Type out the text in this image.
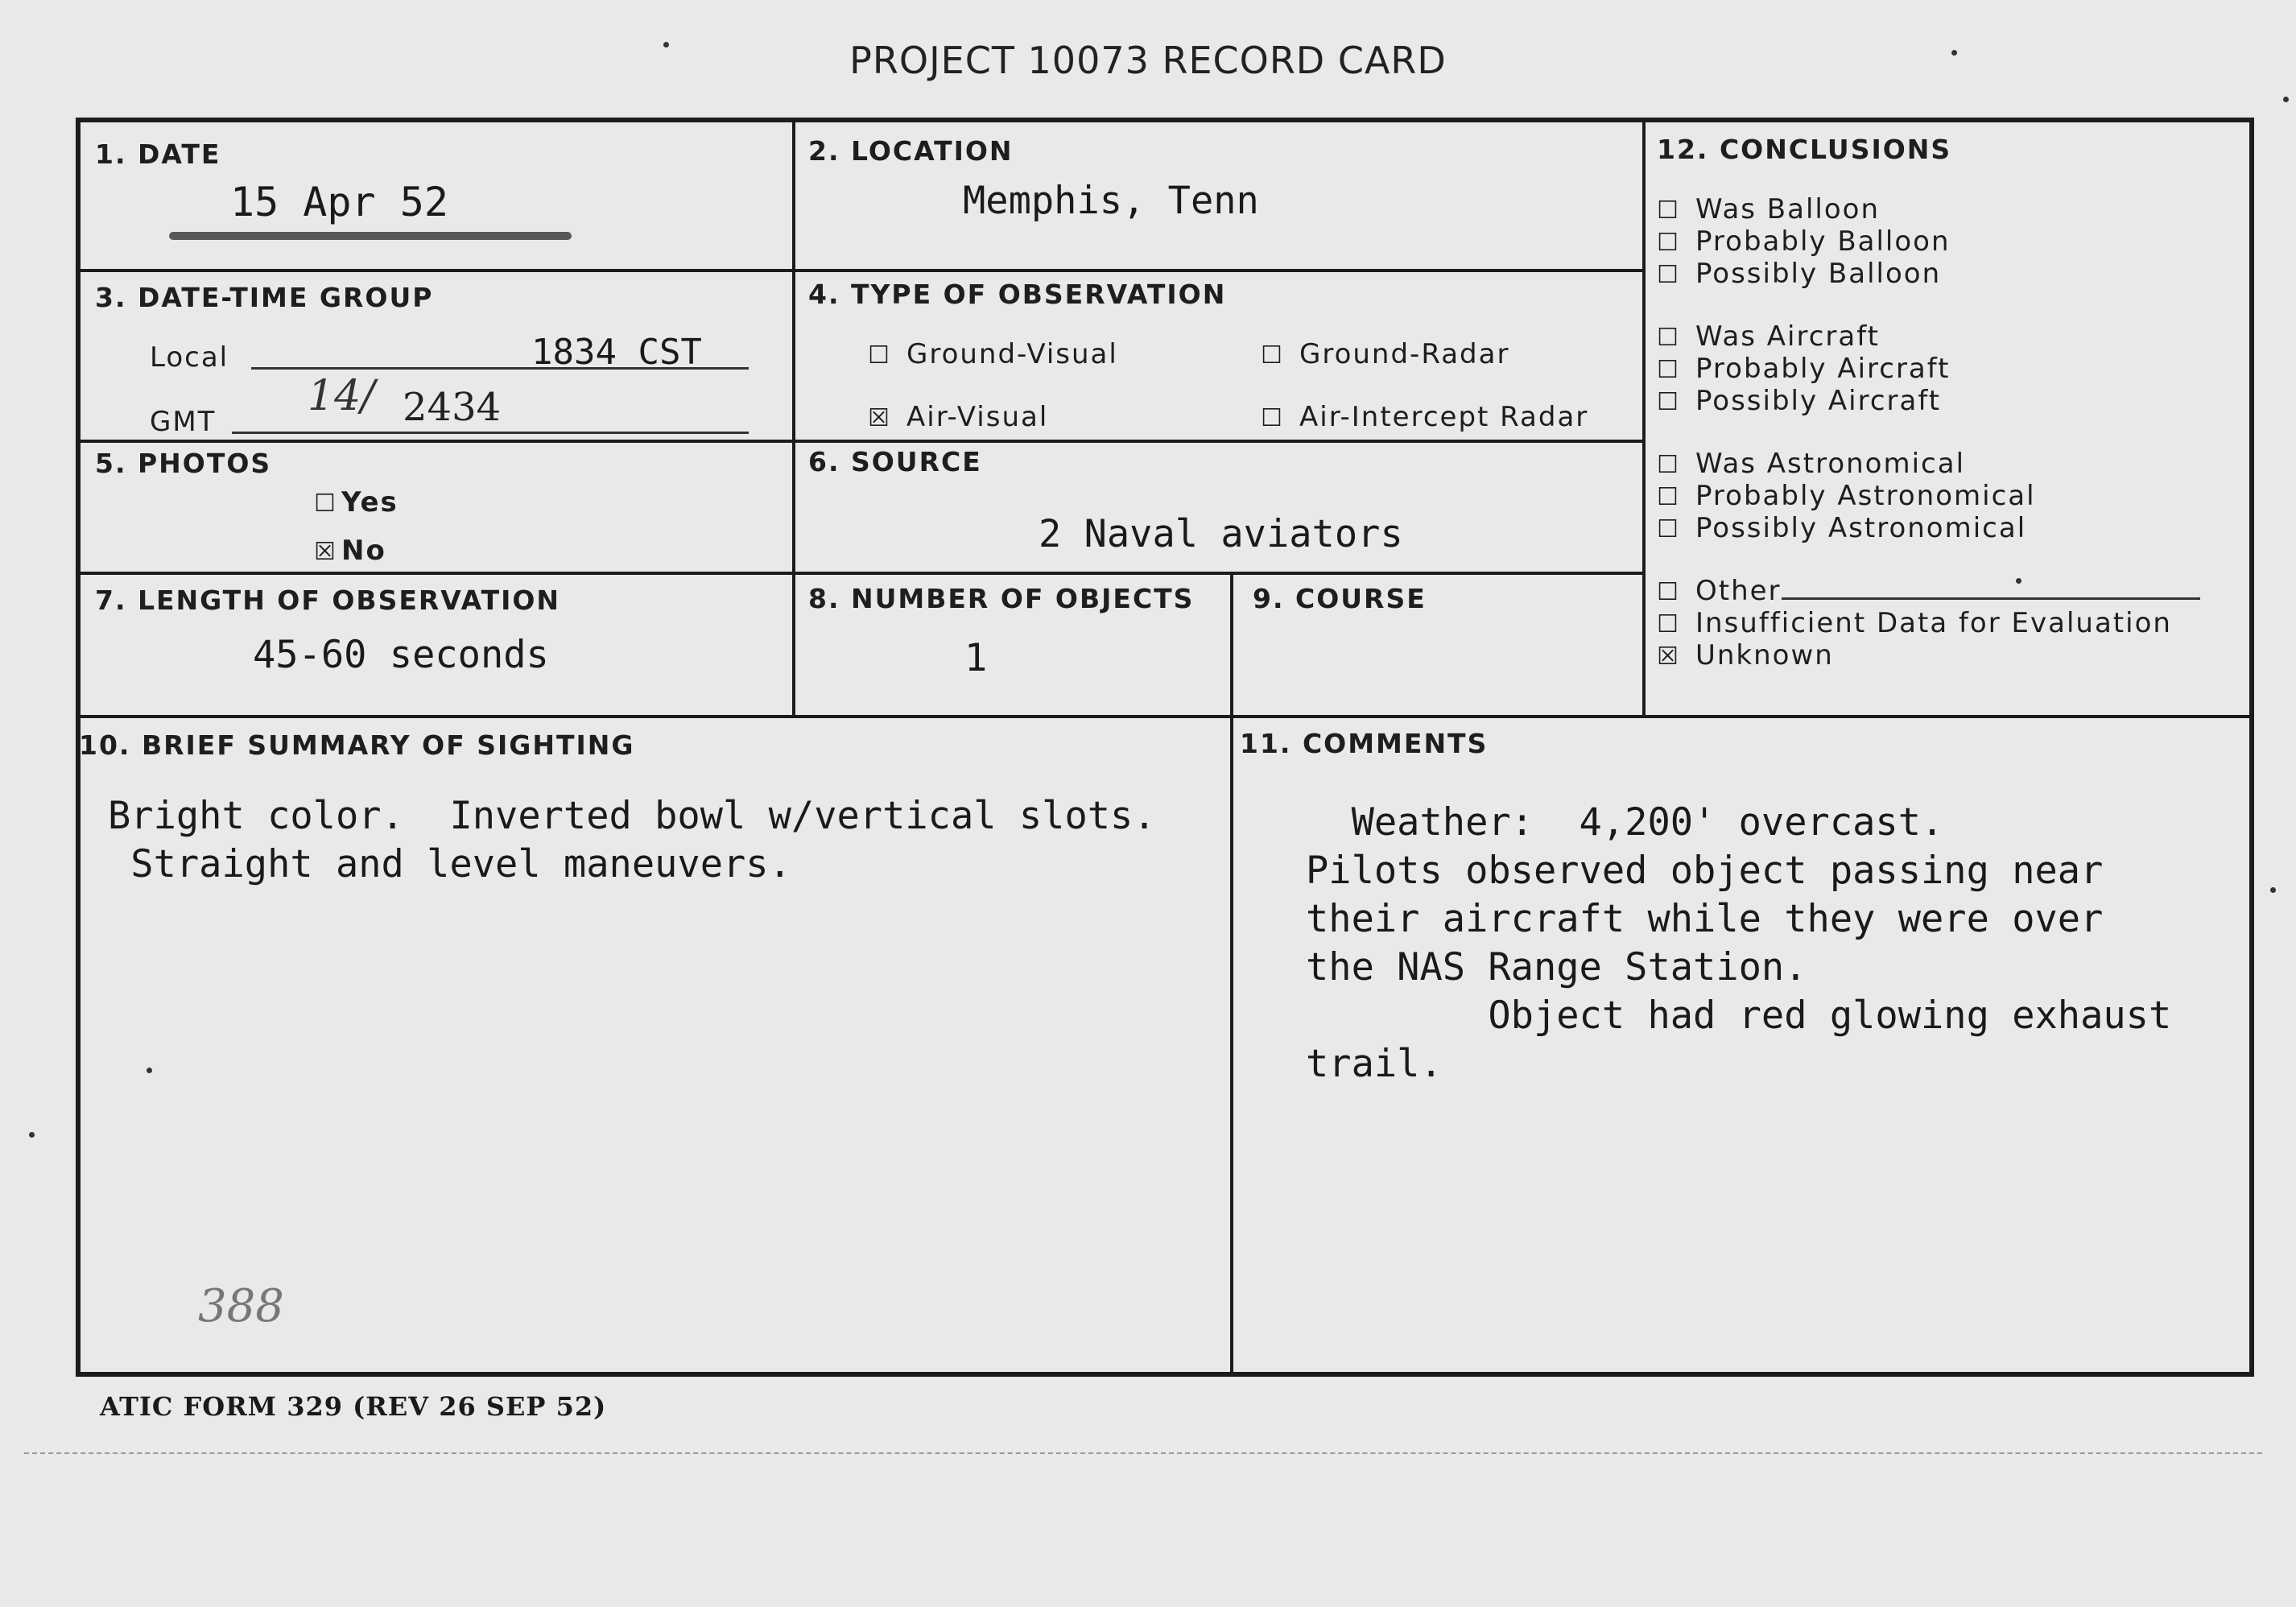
PROJECT 10073 RECORD CARD
1. DATE
15 Apr 52
2. LOCATION
Memphis, Tenn
3. DATE-TIME GROUP
Local	1834 CST
GMT
14/ 2434
4. TYPE OF OBSERVATION
☐ Ground-Visual	☐ Ground-Radar
☒ Air-Visual	☐ Air-Intercept Radar
5. PHOTOS
☐ Yes
☒ No
6. SOURCE
2 Naval aviators
7. LENGTH OF OBSERVATION
45-60 seconds
8. NUMBER OF OBJECTS
1
9. COURSE
10. BRIEF SUMMARY OF SIGHTING
Bright color.  Inverted bowl w/vertical slots.
Straight and level maneuvers.
11. COMMENTS
Weather:  4,200' overcast.
Pilots observed object passing near
their aircraft while they were over
the NAS Range Station.
Object had red glowing exhaust
trail.
12. CONCLUSIONS
☐ Was Balloon
☐ Probably Balloon
☐ Possibly Balloon
☐ Was Aircraft
☐ Probably Aircraft
☐ Possibly Aircraft
☐ Was Astronomical
☐ Probably Astronomical
☐ Possibly Astronomical
☐ Other
☐ Insufficient Data for Evaluation
☒ Unknown
388
ATIC FORM 329 (REV 26 SEP 52)
